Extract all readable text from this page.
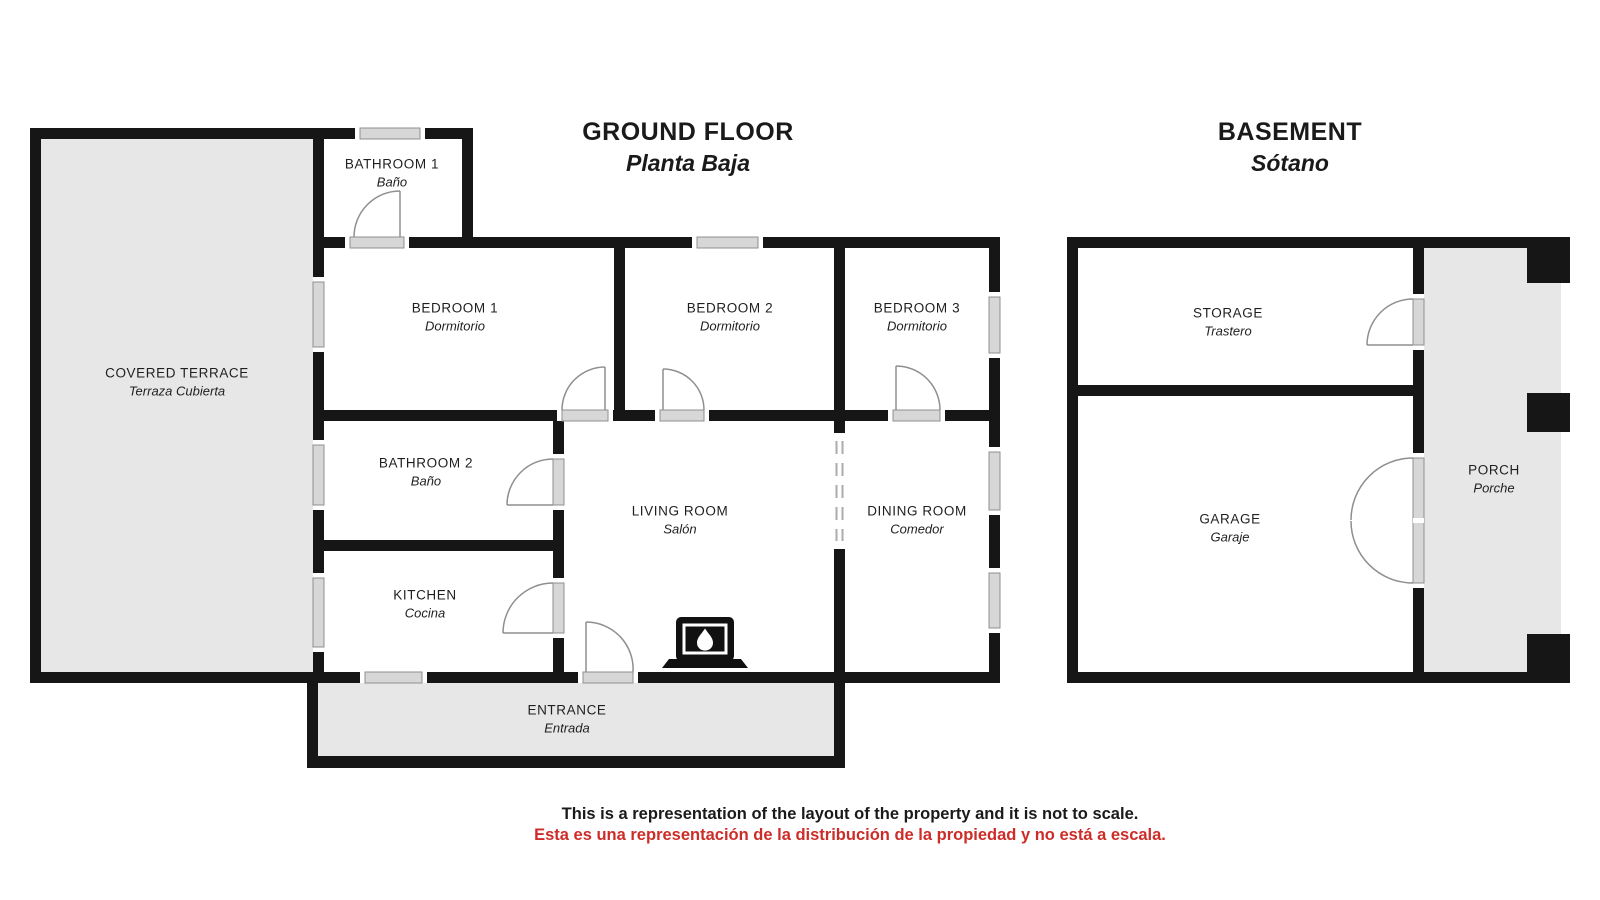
GROUND FLOOR
Planta Baja
BASEMENT
Sótano
COVERED TERRACE
Terraza Cubierta
BATHROOM 1
Baño
BEDROOM 1
Dormitorio
BEDROOM 2
Dormitorio
BEDROOM 3
Dormitorio
BATHROOM 2
Baño
KITCHEN
Cocina
LIVING ROOM
Salón
DINING ROOM
Comedor
ENTRANCE
Entrada
STORAGE
Trastero
GARAGE
Garaje
PORCH
Porche
This is a representation of the layout of the property and it is not to scale.
Esta es una representación de la distribución de la propiedad y no está a escala.
